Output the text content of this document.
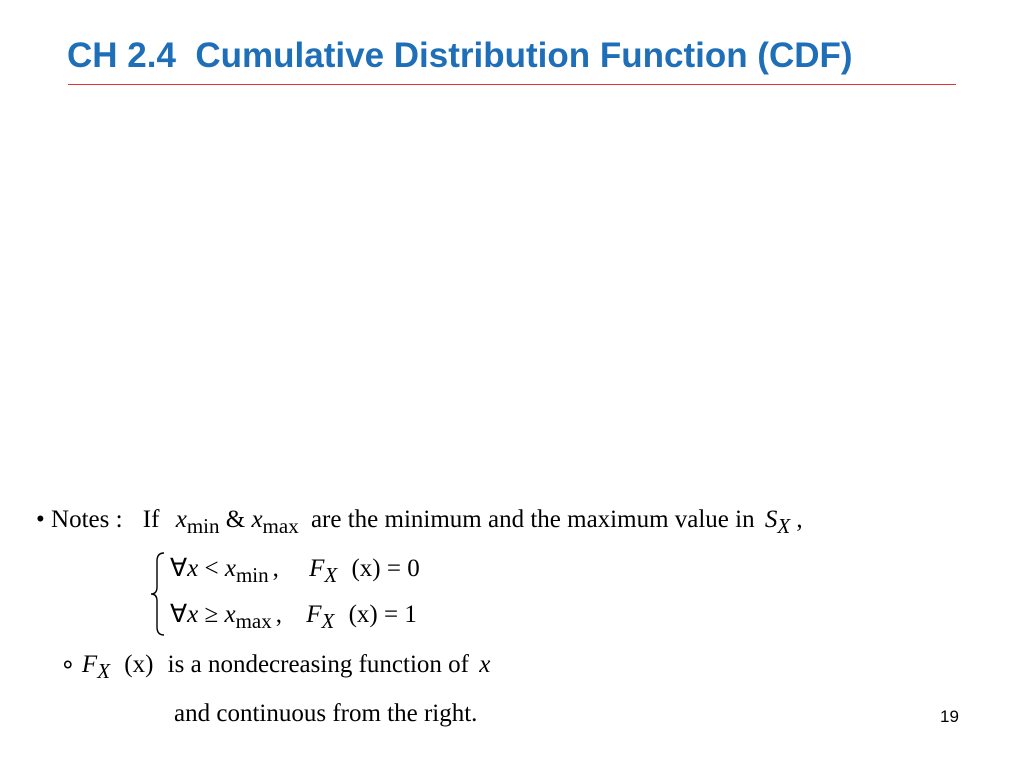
CH 2.4  Cumulative Distribution Function (CDF)
• Notes : If $x_{min}$ & $x_{max}$ are the minimum and the maximum value in $S_X$ ,
∀x < $x_{min}$ , $F_X$ (x) = 0
∀x ≥ $x_{max}$ , $F_X$ (x) = 1
∘ $F_X$ (x) is a nondecreasing function of x
and continuous from the right.	19
